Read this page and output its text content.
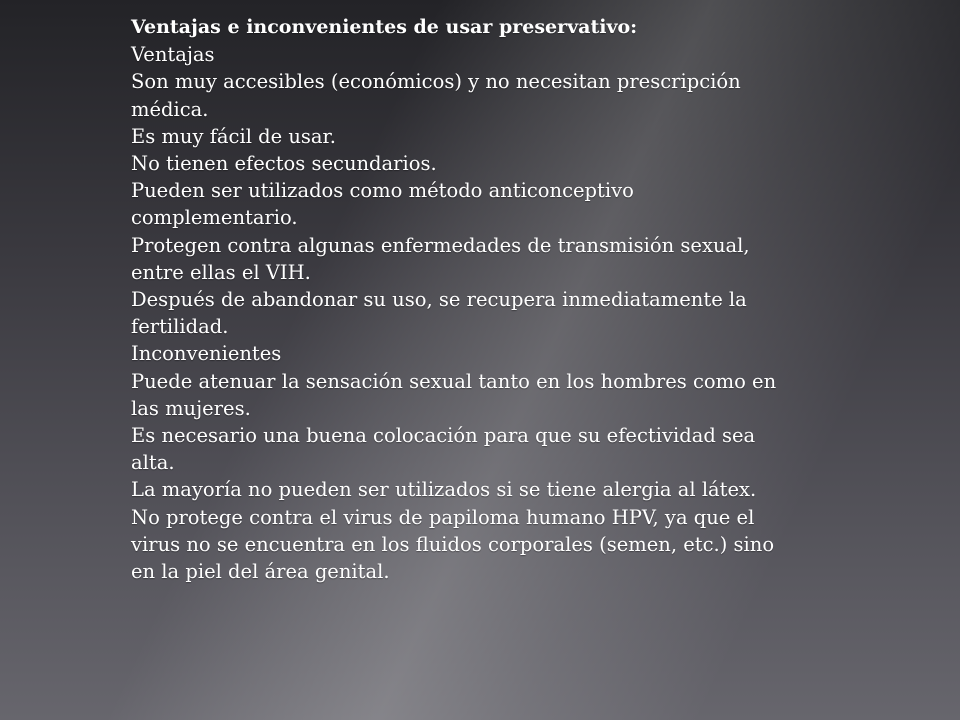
Ventajas e inconvenientes de usar preservativo:

Ventajas

Son muy accesibles (económicos) y no necesitan prescripción médica.

Es muy fácil de usar.

No tienen efectos secundarios.

Pueden ser utilizados como método anticonceptivo complementario.

Protegen contra algunas enfermedades de transmisión sexual, entre ellas el VIH.

Después de abandonar su uso, se recupera inmediatamente la fertilidad.

Inconvenientes

Puede atenuar la sensación sexual tanto en los hombres como en las mujeres.

Es necesario una buena colocación para que su efectividad sea alta.

La mayoría no pueden ser utilizados si se tiene alergia al látex.

No protege contra el virus de papiloma humano HPV, ya que el virus no se encuentra en los fluidos corporales (semen, etc.) sino en la piel del área genital.
